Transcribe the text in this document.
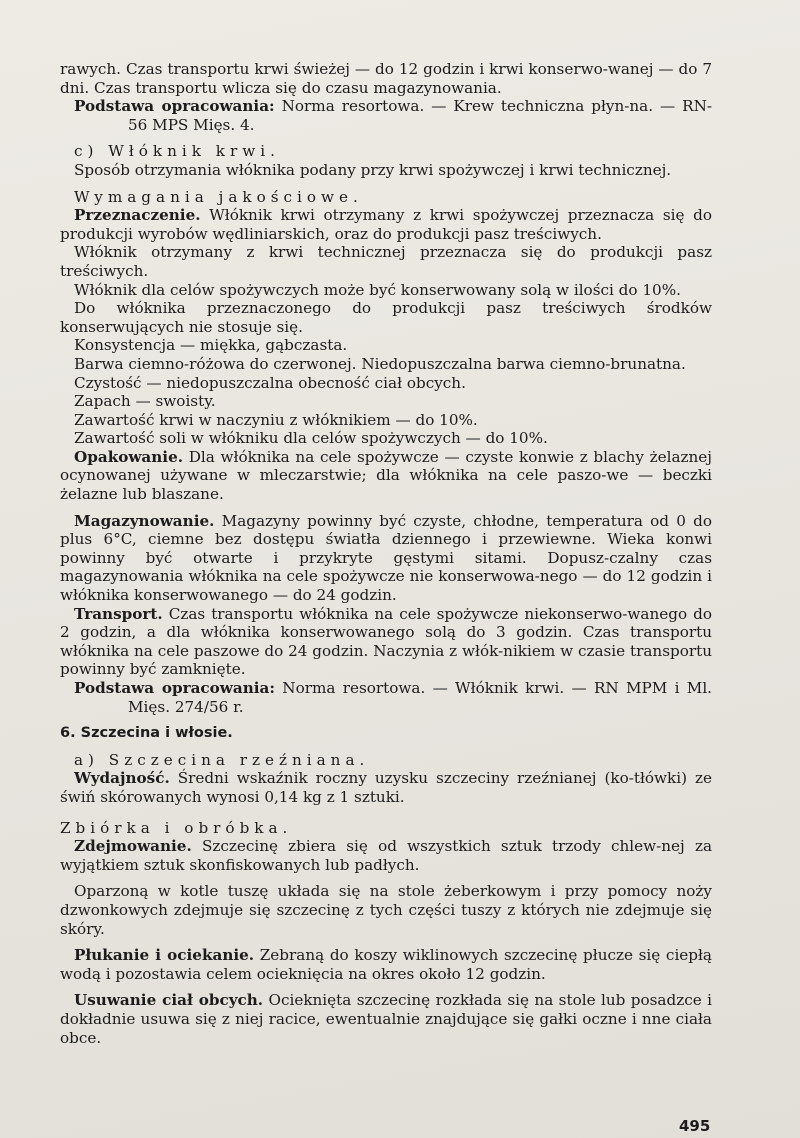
rawych. Czas transportu krwi świeżej — do 12 godzin i krwi konserwo-wanej — do 7 dni. Czas transportu wlicza się do czasu magazynowania.

Podstawa opracowania: Norma resortowa. — Krew techniczna płyn-na. — RN-56 MPS Mięs. 4.

c) Włóknik krwi.

Sposób otrzymania włóknika podany przy krwi spożywczej i krwi technicznej.

Wymagania jakościowe.

Przeznaczenie. Włóknik krwi otrzymany z krwi spożywczej przeznacza się do produkcji wyrobów wędliniarskich, oraz do produkcji pasz treściwych.

Włóknik otrzymany z krwi technicznej przeznacza się do produkcji pasz treściwych.

Włóknik dla celów spożywczych może być konserwowany solą w ilości do 10%.

Do włóknika przeznaczonego do produkcji pasz treściwych środków konserwujących nie stosuje się.

Konsystencja — miękka, gąbczasta.

Barwa ciemno-różowa do czerwonej. Niedopuszczalna barwa ciemno-brunatna.

Czystość — niedopuszczalna obecność ciał obcych.

Zapach — swoisty.

Zawartość krwi w naczyniu z włóknikiem — do 10%.

Zawartość soli w włókniku dla celów spożywczych — do 10%.

Opakowanie. Dla włóknika na cele spożywcze — czyste konwie z blachy żelaznej ocynowanej używane w mleczarstwie; dla włóknika na cele paszo-we — beczki żelazne lub blaszane.

Magazynowanie. Magazyny powinny być czyste, chłodne, temperatura od 0 do plus 6°C, ciemne bez dostępu światła dziennego i przewiewne. Wieka konwi powinny być otwarte i przykryte gęstymi sitami. Dopusz-czalny czas magazynowania włóknika na cele spożywcze nie konserwowa-nego — do 12 godzin i włóknika konserwowanego — do 24 godzin.

Transport. Czas transportu włóknika na cele spożywcze niekonserwo-wanego do 2 godzin, a dla włóknika konserwowanego solą do 3 godzin. Czas transportu włóknika na cele paszowe do 24 godzin. Naczynia z włók-nikiem w czasie transportu powinny być zamknięte.

Podstawa opracowania: Norma resortowa. — Włóknik krwi. — RN MPM i Ml. Mięs. 274/56 r.

6. Szczecina i włosie.

a) Szczecina rzeźniana.

Wydajność. Średni wskaźnik roczny uzysku szczeciny rzeźnianej (ko-tłówki) ze świń skórowanych wynosi 0,14 kg z 1 sztuki.

Zbiórka i obróbka.

Zdejmowanie. Szczecinę zbiera się od wszystkich sztuk trzody chlew-nej za wyjątkiem sztuk skonfiskowanych lub padłych.

Oparzoną w kotle tuszę układa się na stole żeberkowym i przy pomocy noży dzwonkowych zdejmuje się szczecinę z tych części tuszy z których nie zdejmuje się skóry.

Płukanie i ociekanie. Zebraną do koszy wiklinowych szczecinę płucze się ciepłą wodą i pozostawia celem ocieknięcia na okres około 12 godzin.

Usuwanie ciał obcych. Ocieknięta szczecinę rozkłada się na stole lub posadzce i dokładnie usuwa się z niej racice, ewentualnie znajdujące się gałki oczne i nne ciała obce.

495
